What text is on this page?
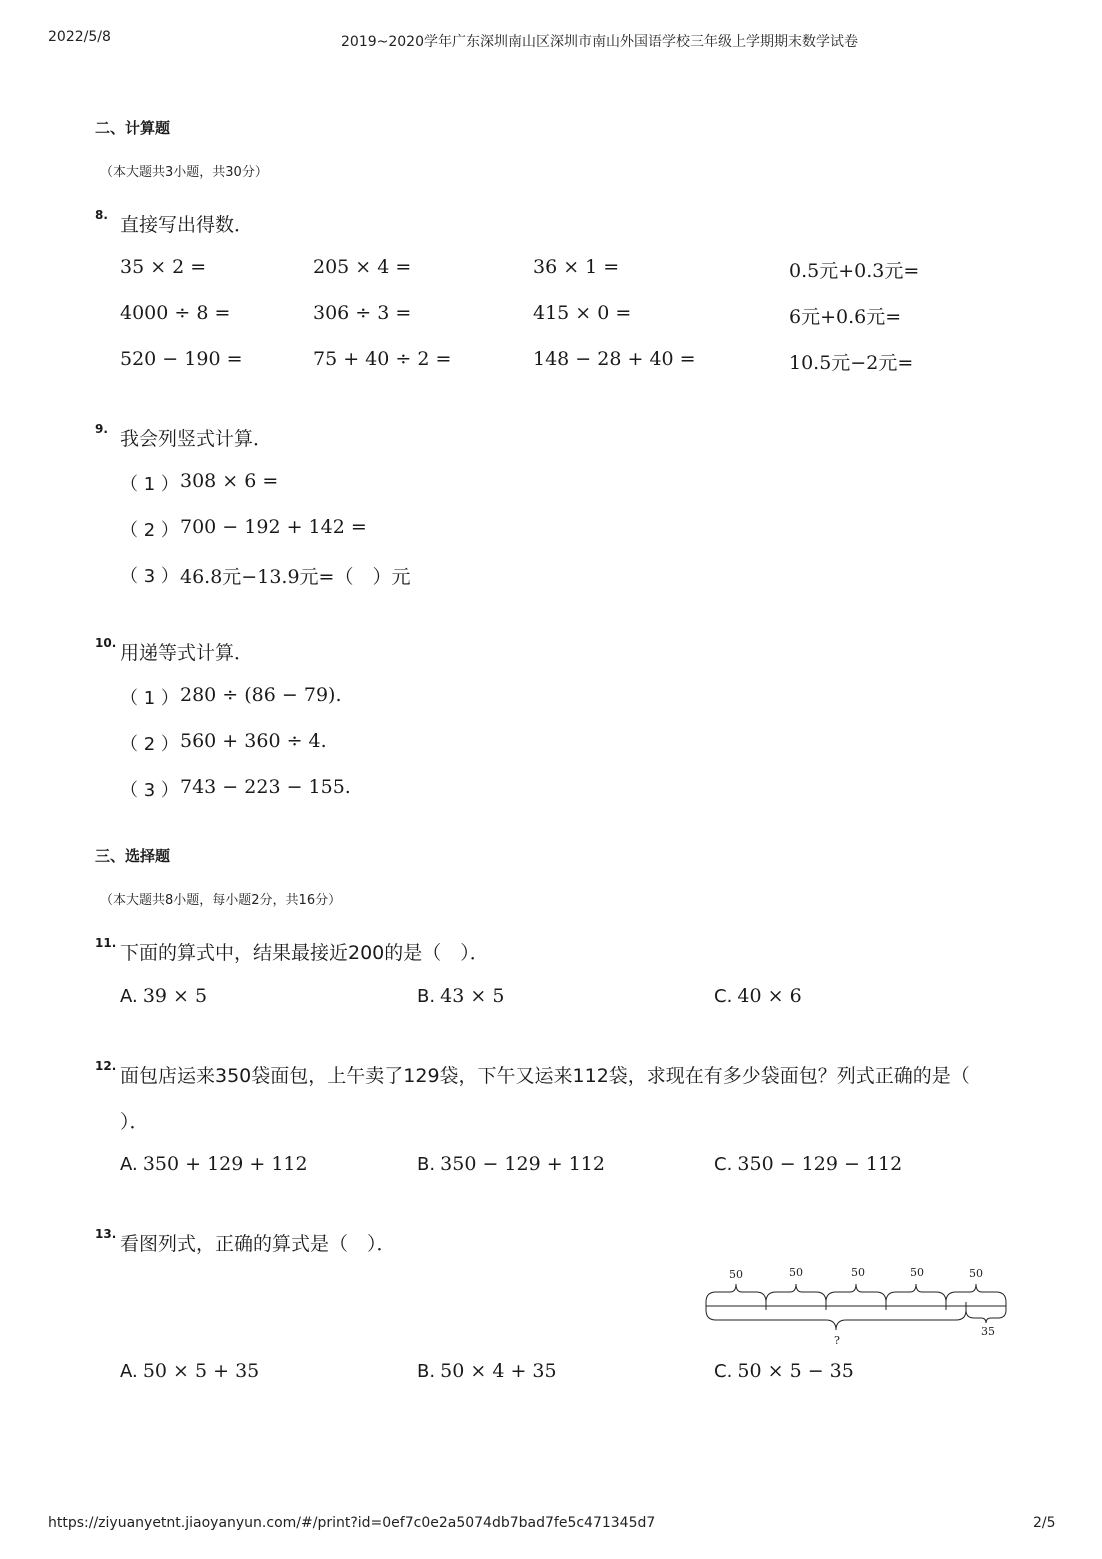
2022/5/8	2019~2020学年广东深圳南山区深圳市南山外国语学校三年级上学期期末数学试卷
二、计算题
（本大题共3小题，共30分）
8. 直接写出得数．
35 × 2 =	205 × 4 =	36 × 1 =	0.5元+0.3元=
4000 ÷ 8 =	306 ÷ 3 =	415 × 0 =	6元+0.6元=
520 − 190 =	75 + 40 ÷ 2 =	148 − 28 + 40 =	10.5元−2元=
9. 我会列竖式计算．
（ 1 ） 308 × 6 =
（ 2 ） 700 − 192 + 142 =
（ 3 ） 46.8元−13.9元=（　）元
10. 用递等式计算．
（ 1 ） 280 ÷ (86 − 79).
（ 2 ） 560 + 360 ÷ 4.
（ 3 ） 743 − 223 − 155.
三、选择题
（本大题共8小题，每小题2分，共16分）
11. 下面的算式中，结果最接近200的是（　）．
A. 39 × 5	B. 43 × 5	C. 40 × 6
12. 面包店运来350袋面包，上午卖了129袋，下午又运来112袋，求现在有多少袋面包？列式正确的是（
）．
A. 350 + 129 + 112	B. 350 − 129 + 112	C. 350 − 129 − 112
13. 看图列式，正确的算式是（　）．
50	50	50	50	50
?
35
A. 50 × 5 + 35	B. 50 × 4 + 35	C. 50 × 5 − 35
https://ziyuanyetnt.jiaoyanyun.com/#/print?id=0ef7c0e2a5074db7bad7fe5c471345d7	2/5
